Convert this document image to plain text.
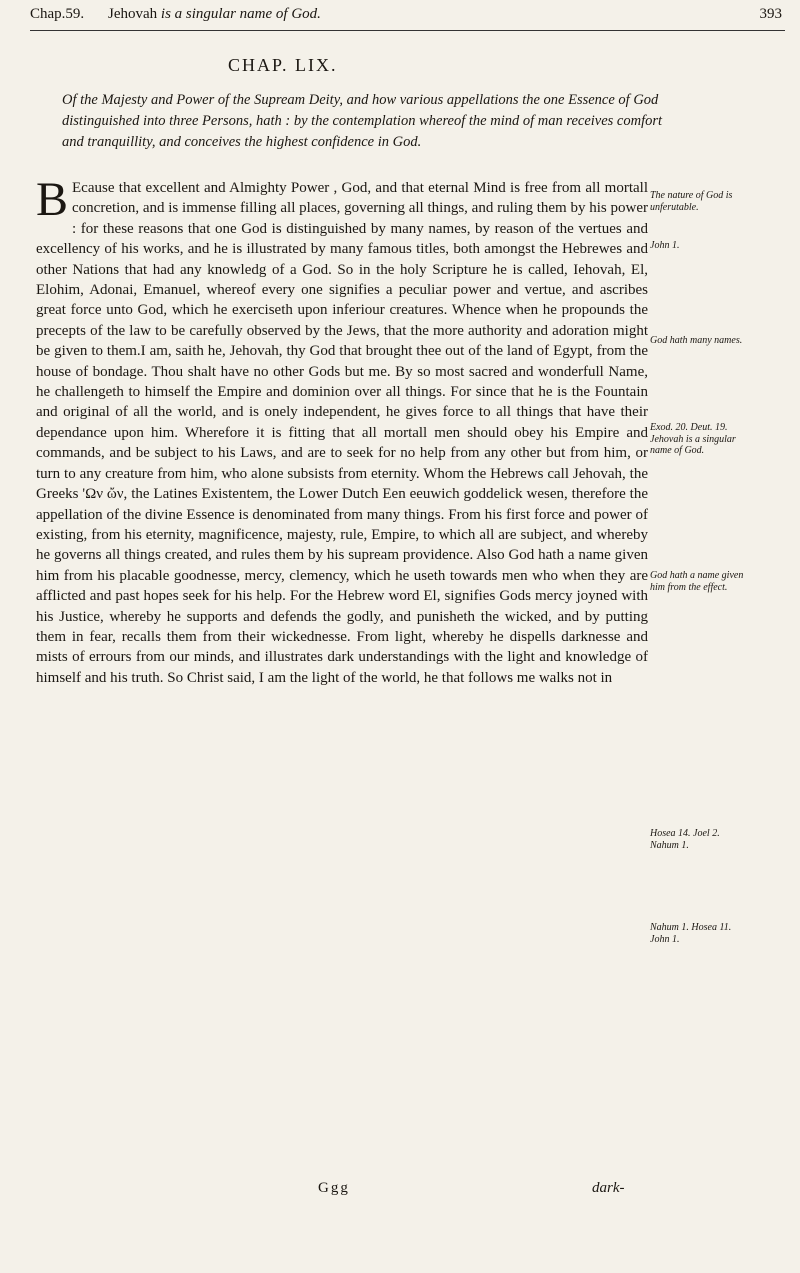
Chap.59. Jehovah is a singular name of God.	393
CHAP. LIX.
Of the Majesty and Power of the Supream Deity, and how various appellations the one Essence of God distinguished into three Persons, hath : by the contemplation whereof the mind of man receives comfort and tranquillity, and conceives the highest confidence in God.
B Ecause that excellent and Almighty Power , God, and that eternal Mind is free from all mortall concretion, and is immense filling all places, governing all things, and ruling them by his power : for these reasons that one God is distinguished by many names, by reason of the vertues and excellency of his works, and he is illustrated by many famous titles, both amongst the Hebrewes and other Nations that had any knowledg of a God. So in the holy Scripture he is called, Iehovah, El, Elohim, Adonai, Emanuel, whereof every one signifies a peculiar power and vertue, and ascribes great force unto God, which he exerciseth upon inferiour creatures. Whence when he propounds the precepts of the law to be carefully observed by the Jews, that the more authority and adoration might be given to them.I am, saith he, Jehovah, thy God that brought thee out of the land of Egypt, from the house of bondage. Thou shalt have no other Gods but me. By so most sacred and wonderfull Name, he challengeth to himself the Empire and dominion over all things. For since that he is the Fountain and original of all the world, and is onely independent, he gives force to all things that have their dependance upon him. Wherefore it is fitting that all mortall men should obey his Empire and commands, and be subject to his Laws, and are to seek for no help from any other but from him, or turn to any creature from him, who alone subsists from eternity. Whom the Hebrews call Jehovah, the Greeks 'Ων ὤν, the Latines Existentem, the Lower Dutch Een eeuwich goddelick wesen, therefore the appellation of the divine Essence is denominated from many things. From his first force and power of existing, from his eternity, magnificence, majesty, rule, Empire, to which all are subject, and whereby he governs all things created, and rules them by his supream providence. Also God hath a name given him from his placable goodnesse, mercy, clemency, which he useth towards men who when they are afflicted and past hopes seek for his help. For the Hebrew word El, signifies Gods mercy joyned with his Justice, whereby he supports and defends the godly, and punisheth the wicked, and by putting them in fear, recalls them from their wickednesse. From light, whereby he dispells darknesse and mists of errours from our minds, and illustrates dark understandings with the light and knowledge of himself and his truth. So Christ said, I am the light of the world, he that follows me walks not in
The nature of God is unferutable.
John 1.
God hath many names.
Exod. 20. Deut. 19. Jehovah is a singular name of God.
God hath a name given him from the effect.
Hosea 14. Joel 2. Nahum 1.
Nahum 1. Hosea 11. John 1.
Ggg	dark-
